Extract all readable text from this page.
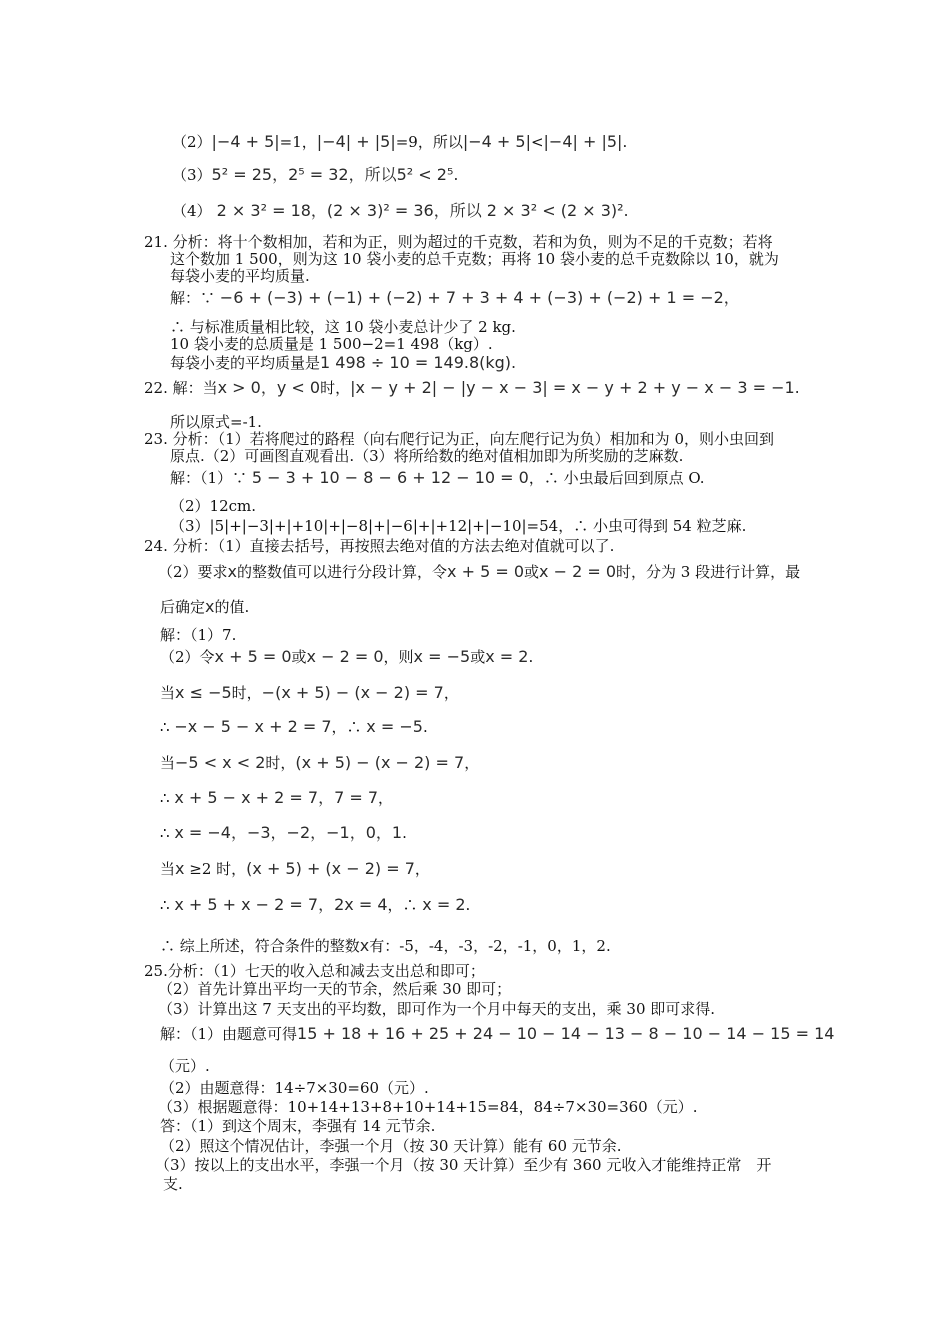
（2）|−4 + 5|=1，|−4| + |5|=9，所以|−4 + 5|<|−4| + |5|.
（3）5² = 25，2⁵ = 32，所以5² < 2⁵.
（4） 2 × 3² = 18，(2 × 3)² = 36，所以 2 × 3² < (2 × 3)².
21. 分析：将十个数相加，若和为正，则为超过的千克数，若和为负，则为不足的千克数；若将
这个数加 1 500，则为这 10 袋小麦的总千克数；再将 10 袋小麦的总千克数除以 10，就为
每袋小麦的平均质量.
解：∵ −6 + (−3) + (−1) + (−2) + 7 + 3 + 4 + (−3) + (−2) + 1 = −2，
∴ 与标准质量相比较，这 10 袋小麦总计少了 2 kg.
10 袋小麦的总质量是 1 500−2=1 498（kg）.
每袋小麦的平均质量是1 498 ÷ 10 = 149.8(kg).
22. 解：当x > 0，y < 0时，|x − y + 2| − |y − x − 3| = x − y + 2 + y − x − 3 = −1.
所以原式=-1.
23. 分析：（1）若将爬过的路程（向右爬行记为正，向左爬行记为负）相加和为 0，则小虫回到
原点.（2）可画图直观看出.（3）将所给数的绝对值相加即为所奖励的芝麻数.
解：（1）∵ 5 − 3 + 10 − 8 − 6 + 12 − 10 = 0，∴ 小虫最后回到原点 O.
（2）12cm.
（3）|5|+|−3|+|+10|+|−8|+|−6|+|+12|+|−10|=54，∴ 小虫可得到 54 粒芝麻.
24. 分析：（1）直接去括号，再按照去绝对值的方法去绝对值就可以了.
（2）要求x的整数值可以进行分段计算，令x + 5 = 0或x − 2 = 0时，分为 3 段进行计算，最
后确定x的值.
解：（1）7.
（2）令x + 5 = 0或x − 2 = 0，则x = −5或x = 2.
当x ≤ −5时，−(x + 5) − (x − 2) = 7，
∴ −x − 5 − x + 2 = 7，∴ x = −5.
当−5 < x < 2时，(x + 5) − (x − 2) = 7，
∴ x + 5 − x + 2 = 7，7 = 7，
∴ x = −4，−3，−2，−1，0，1.
当x ≥2 时，(x + 5) + (x − 2) = 7，
∴ x + 5 + x − 2 = 7，2x = 4，∴ x = 2.
∴ 综上所述，符合条件的整数x有：-5，-4，-3，-2，-1，0，1，2.
25.分析：（1）七天的收入总和减去支出总和即可；
（2）首先计算出平均一天的节余，然后乘 30 即可；
（3）计算出这 7 天支出的平均数，即可作为一个月中每天的支出，乘 30 即可求得.
解：（1）由题意可得15 + 18 + 16 + 25 + 24 − 10 − 14 − 13 − 8 − 10 − 14 − 15 = 14
（元）.
（2）由题意得：14÷7×30=60（元）.
（3）根据题意得：10+14+13+8+10+14+15=84，84÷7×30=360（元）.
答：（1）到这个周末，李强有 14 元节余.
（2）照这个情况估计，李强一个月（按 30 天计算）能有 60 元节余.
（3）按以上的支出水平，李强一个月（按 30 天计算）至少有 360 元收入才能维持正常　开
支.
